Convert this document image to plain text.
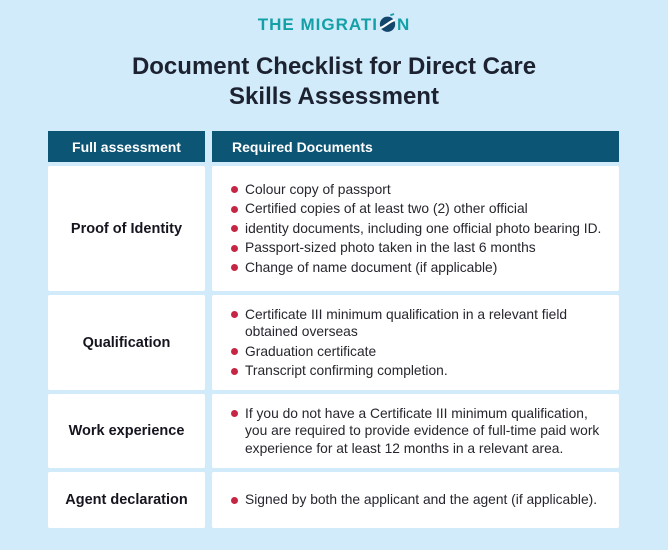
THE MIGRATI N
Document Checklist for Direct Care
Skills Assessment
Full assessment	Required Documents
Proof of Identity
Colour copy of passport
Certified copies of at least two (2) other official
identity documents, including one official photo bearing ID.
Passport-sized photo taken in the last 6 months
Change of name document (if applicable)
Qualification
Certificate III minimum qualification in a relevant field obtained overseas
Graduation certificate
Transcript confirming completion.
Work experience
If you do not have a Certificate III minimum qualification, you are required to provide evidence of full-time paid work experience for at least 12 months in a relevant area.
Agent declaration	Signed by both the applicant and the agent (if applicable).
